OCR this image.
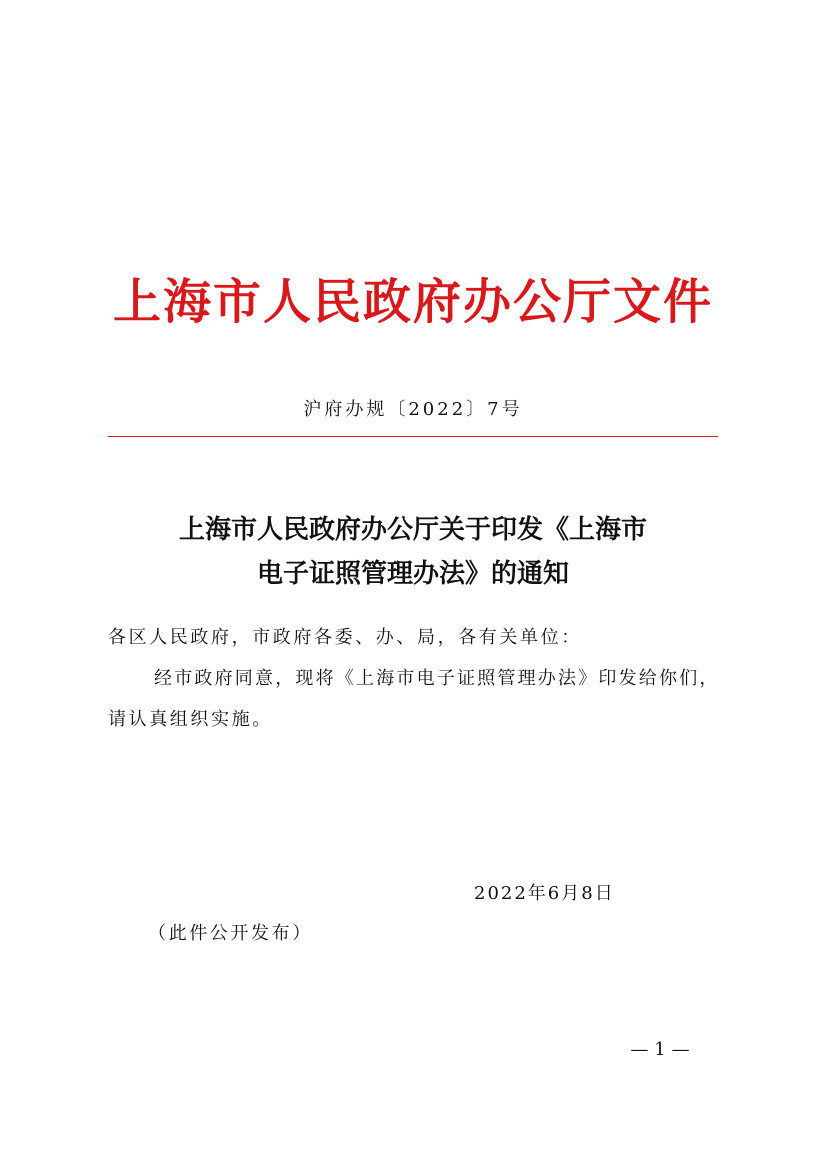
上海市人民政府办公厅文件
沪府办规〔2022〕7号
上海市人民政府办公厅关于印发《上海市
电子证照管理办法》的通知
各区人民政府，市政府各委、办、局，各有关单位：
经市政府同意，现将《上海市电子证照管理办法》印发给你们，
请认真组织实施。
2022年6月8日
（此件公开发布）
— 1 —
